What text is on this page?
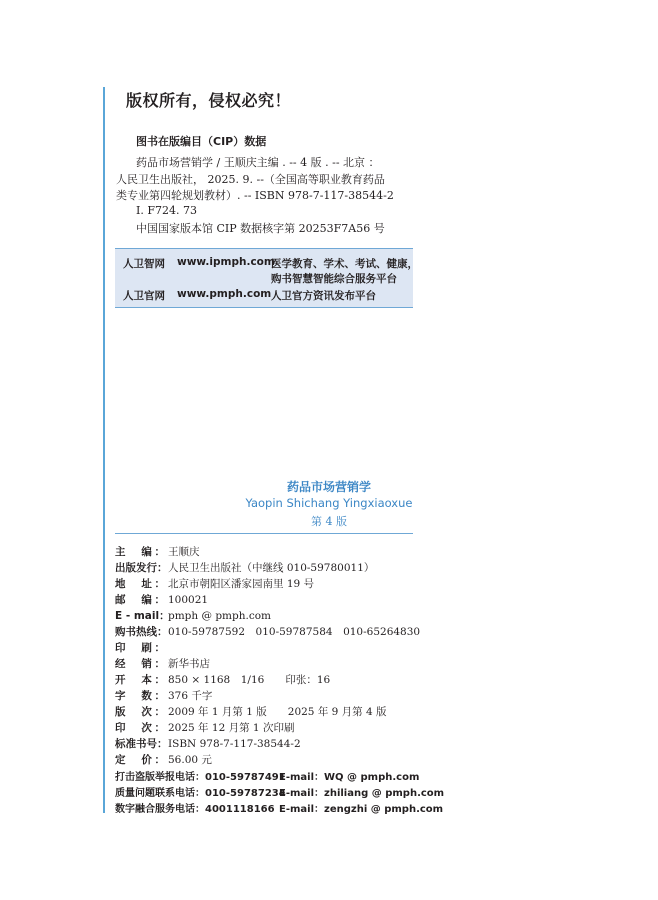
版权所有，侵权必究！
图书在版编目（CIP）数据
药品市场营销学 / 王顺庆主编 . -- 4 版 . -- 北京 ：
人民卫生出版社， 2025. 9. --（全国高等职业教育药品
类专业第四轮规划教材）. -- ISBN 978-7-117-38544-2
Ⅰ. F724. 73
中国国家版本馆 CIP 数据核字第 20253F7A56 号
人卫智网 www.ipmph.com
医学教育、学术、考试、健康，
购书智慧智能综合服务平台
人卫官网 www.pmph.com 人卫官方资讯发布平台
药品市场营销学
Yaopin Shichang Yingxiaoxue
第 4 版
主　编： 王顺庆
出版发行：人民卫生出版社（中继线 010-59780011）
地　址： 北京市朝阳区潘家园南里 19 号
邮　编： 100021
E - mail：pmph @ pmph.com
购书热线：010-59787592　010-59787584　010-65264830
印　刷：
经　销： 新华书店
开　本： 850 × 1168　1/16　　印张：16
字　数： 376 千字
版　次： 2009 年 1 月第 1 版　　2025 年 9 月第 4 版
印　次： 2025 年 12 月第 1 次印刷
标准书号：ISBN 978-7-117-38544-2
定　价： 56.00 元
打击盗版举报电话：010-59787491
E-mail：WQ @ pmph.com
质量问题联系电话：010-59787234
E-mail：zhiliang @ pmph.com
数字融合服务电话：4001118166 E-mail：zengzhi @ pmph.com
